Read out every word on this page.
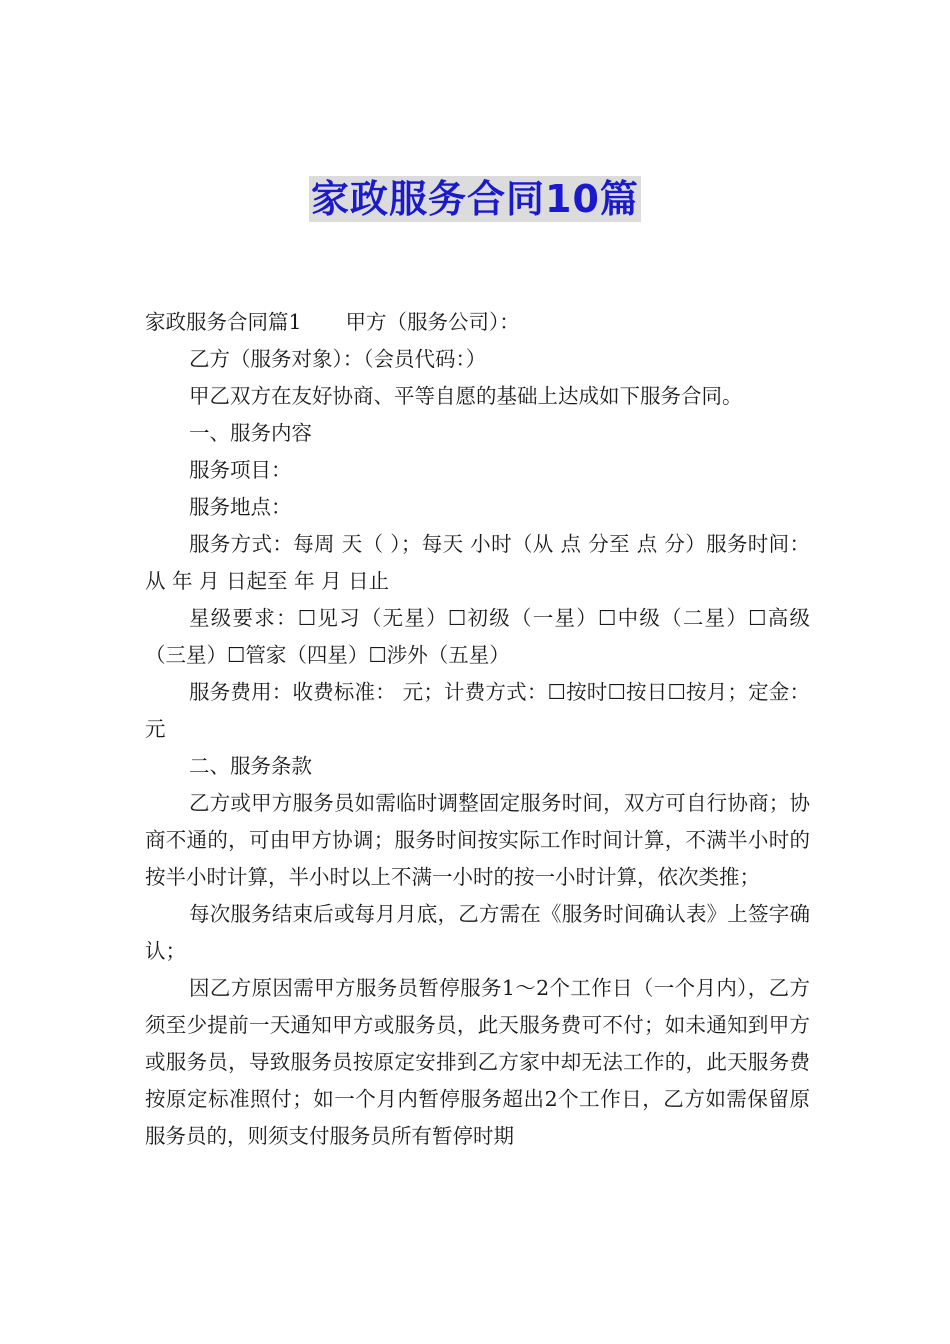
家政服务合同10篇

家政服务合同篇1 甲方（服务公司）：

乙方（服务对象）：（会员代码：）

甲乙双方在友好协商、平等自愿的基础上达成如下服务合同。

一、服务内容

服务项目：

服务地点：

服务方式：每周 天（ ）；每天 小时（从 点 分至 点 分）服务时间：从 年 月 日起至 年 月 日止

星级要求：☐见习（无星）☐初级（一星）☐中级（二星）☐高级（三星）☐管家（四星）☐涉外（五星）

服务费用：收费标准： 元；计费方式：☐按时☐按日☐按月；定金： 元

二、服务条款

乙方或甲方服务员如需临时调整固定服务时间，双方可自行协商；协商不通的，可由甲方协调；服务时间按实际工作时间计算，不满半小时的按半小时计算，半小时以上不满一小时的按一小时计算，依次类推；

每次服务结束后或每月月底，乙方需在《服务时间确认表》上签字确认；

因乙方原因需甲方服务员暂停服务1～2个工作日（一个月内），乙方须至少提前一天通知甲方或服务员，此天服务费可不付；如未通知到甲方或服务员，导致服务员按原定安排到乙方家中却无法工作的，此天服务费按原定标准照付；如一个月内暂停服务超出2个工作日，乙方如需保留原服务员的，则须支付服务员所有暂停时期
